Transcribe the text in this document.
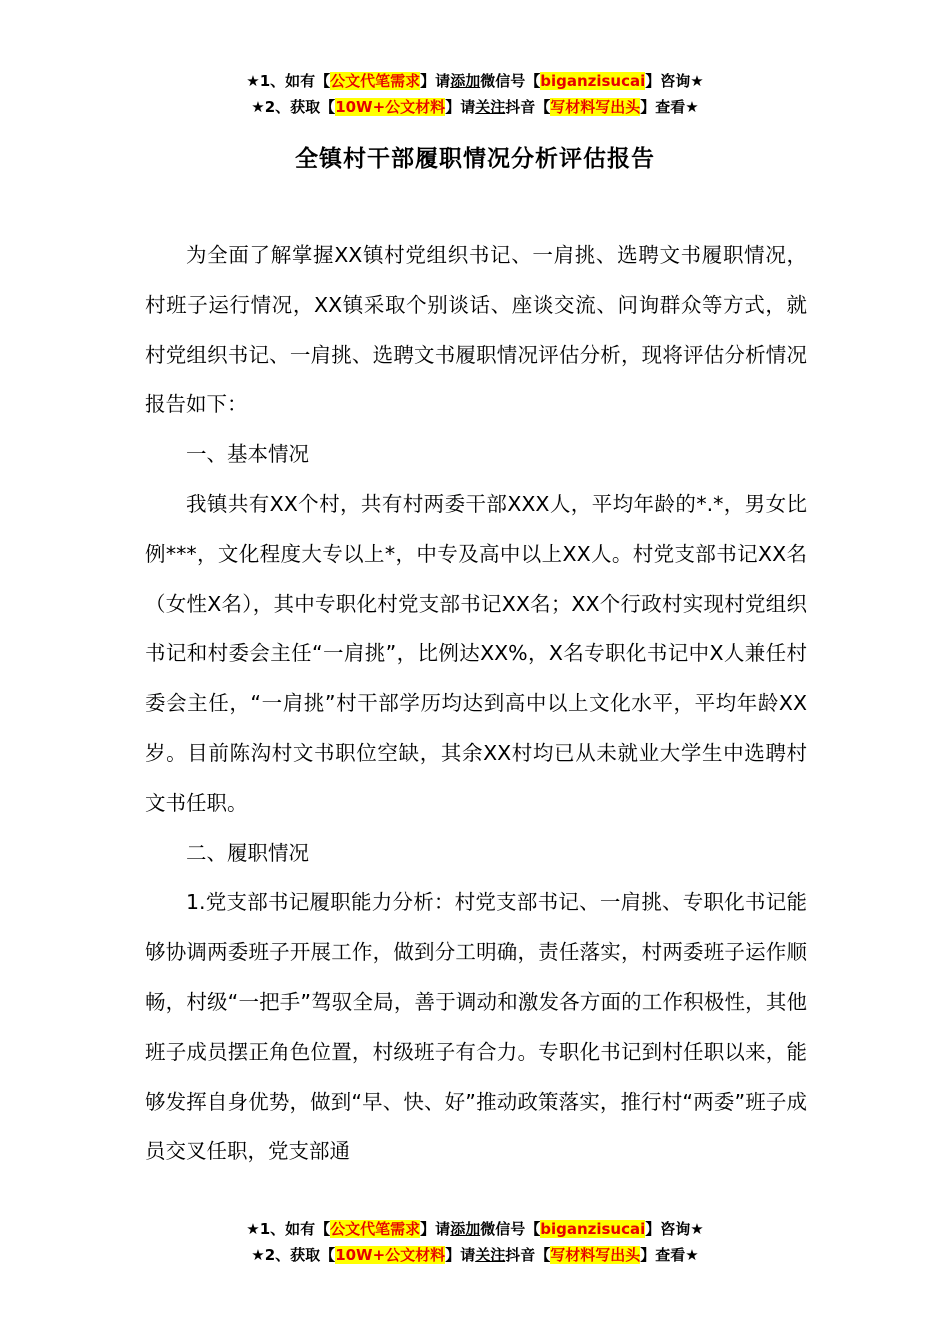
★1、如有【公文代笔需求】请添加微信号【biganzisucai】咨询★
★2、获取【10W+公文材料】请关注抖音【写材料写出头】查看★
全镇村干部履职情况分析评估报告

为全面了解掌握XX镇村党组织书记、一肩挑、选聘文书履职情况，村班子运行情况，XX镇采取个别谈话、座谈交流、问询群众等方式，就村党组织书记、一肩挑、选聘文书履职情况评估分析，现将评估分析情况报告如下：

一、基本情况

我镇共有XX个村，共有村两委干部XXX人，平均年龄的*.*，男女比例***，文化程度大专以上*，中专及高中以上XX人。村党支部书记XX名（女性X名），其中专职化村党支部书记XX名；XX个行政村实现村党组织书记和村委会主任“一肩挑”，比例达XX%，X名专职化书记中X人兼任村委会主任，“一肩挑”村干部学历均达到高中以上文化水平，平均年龄XX岁。目前陈沟村文书职位空缺，其余XX村均已从未就业大学生中选聘村文书任职。

二、履职情况

1.党支部书记履职能力分析：村党支部书记、一肩挑、专职化书记能够协调两委班子开展工作，做到分工明确，责任落实，村两委班子运作顺畅，村级“一把手”驾驭全局，善于调动和激发各方面的工作积极性，其他班子成员摆正角色位置，村级班子有合力。专职化书记到村任职以来，能够发挥自身优势，做到“早、快、好”推动政策落实，推行村“两委”班子成员交叉任职，党支部通

★1、如有【公文代笔需求】请添加微信号【biganzisucai】咨询★
★2、获取【10W+公文材料】请关注抖音【写材料写出头】查看★
